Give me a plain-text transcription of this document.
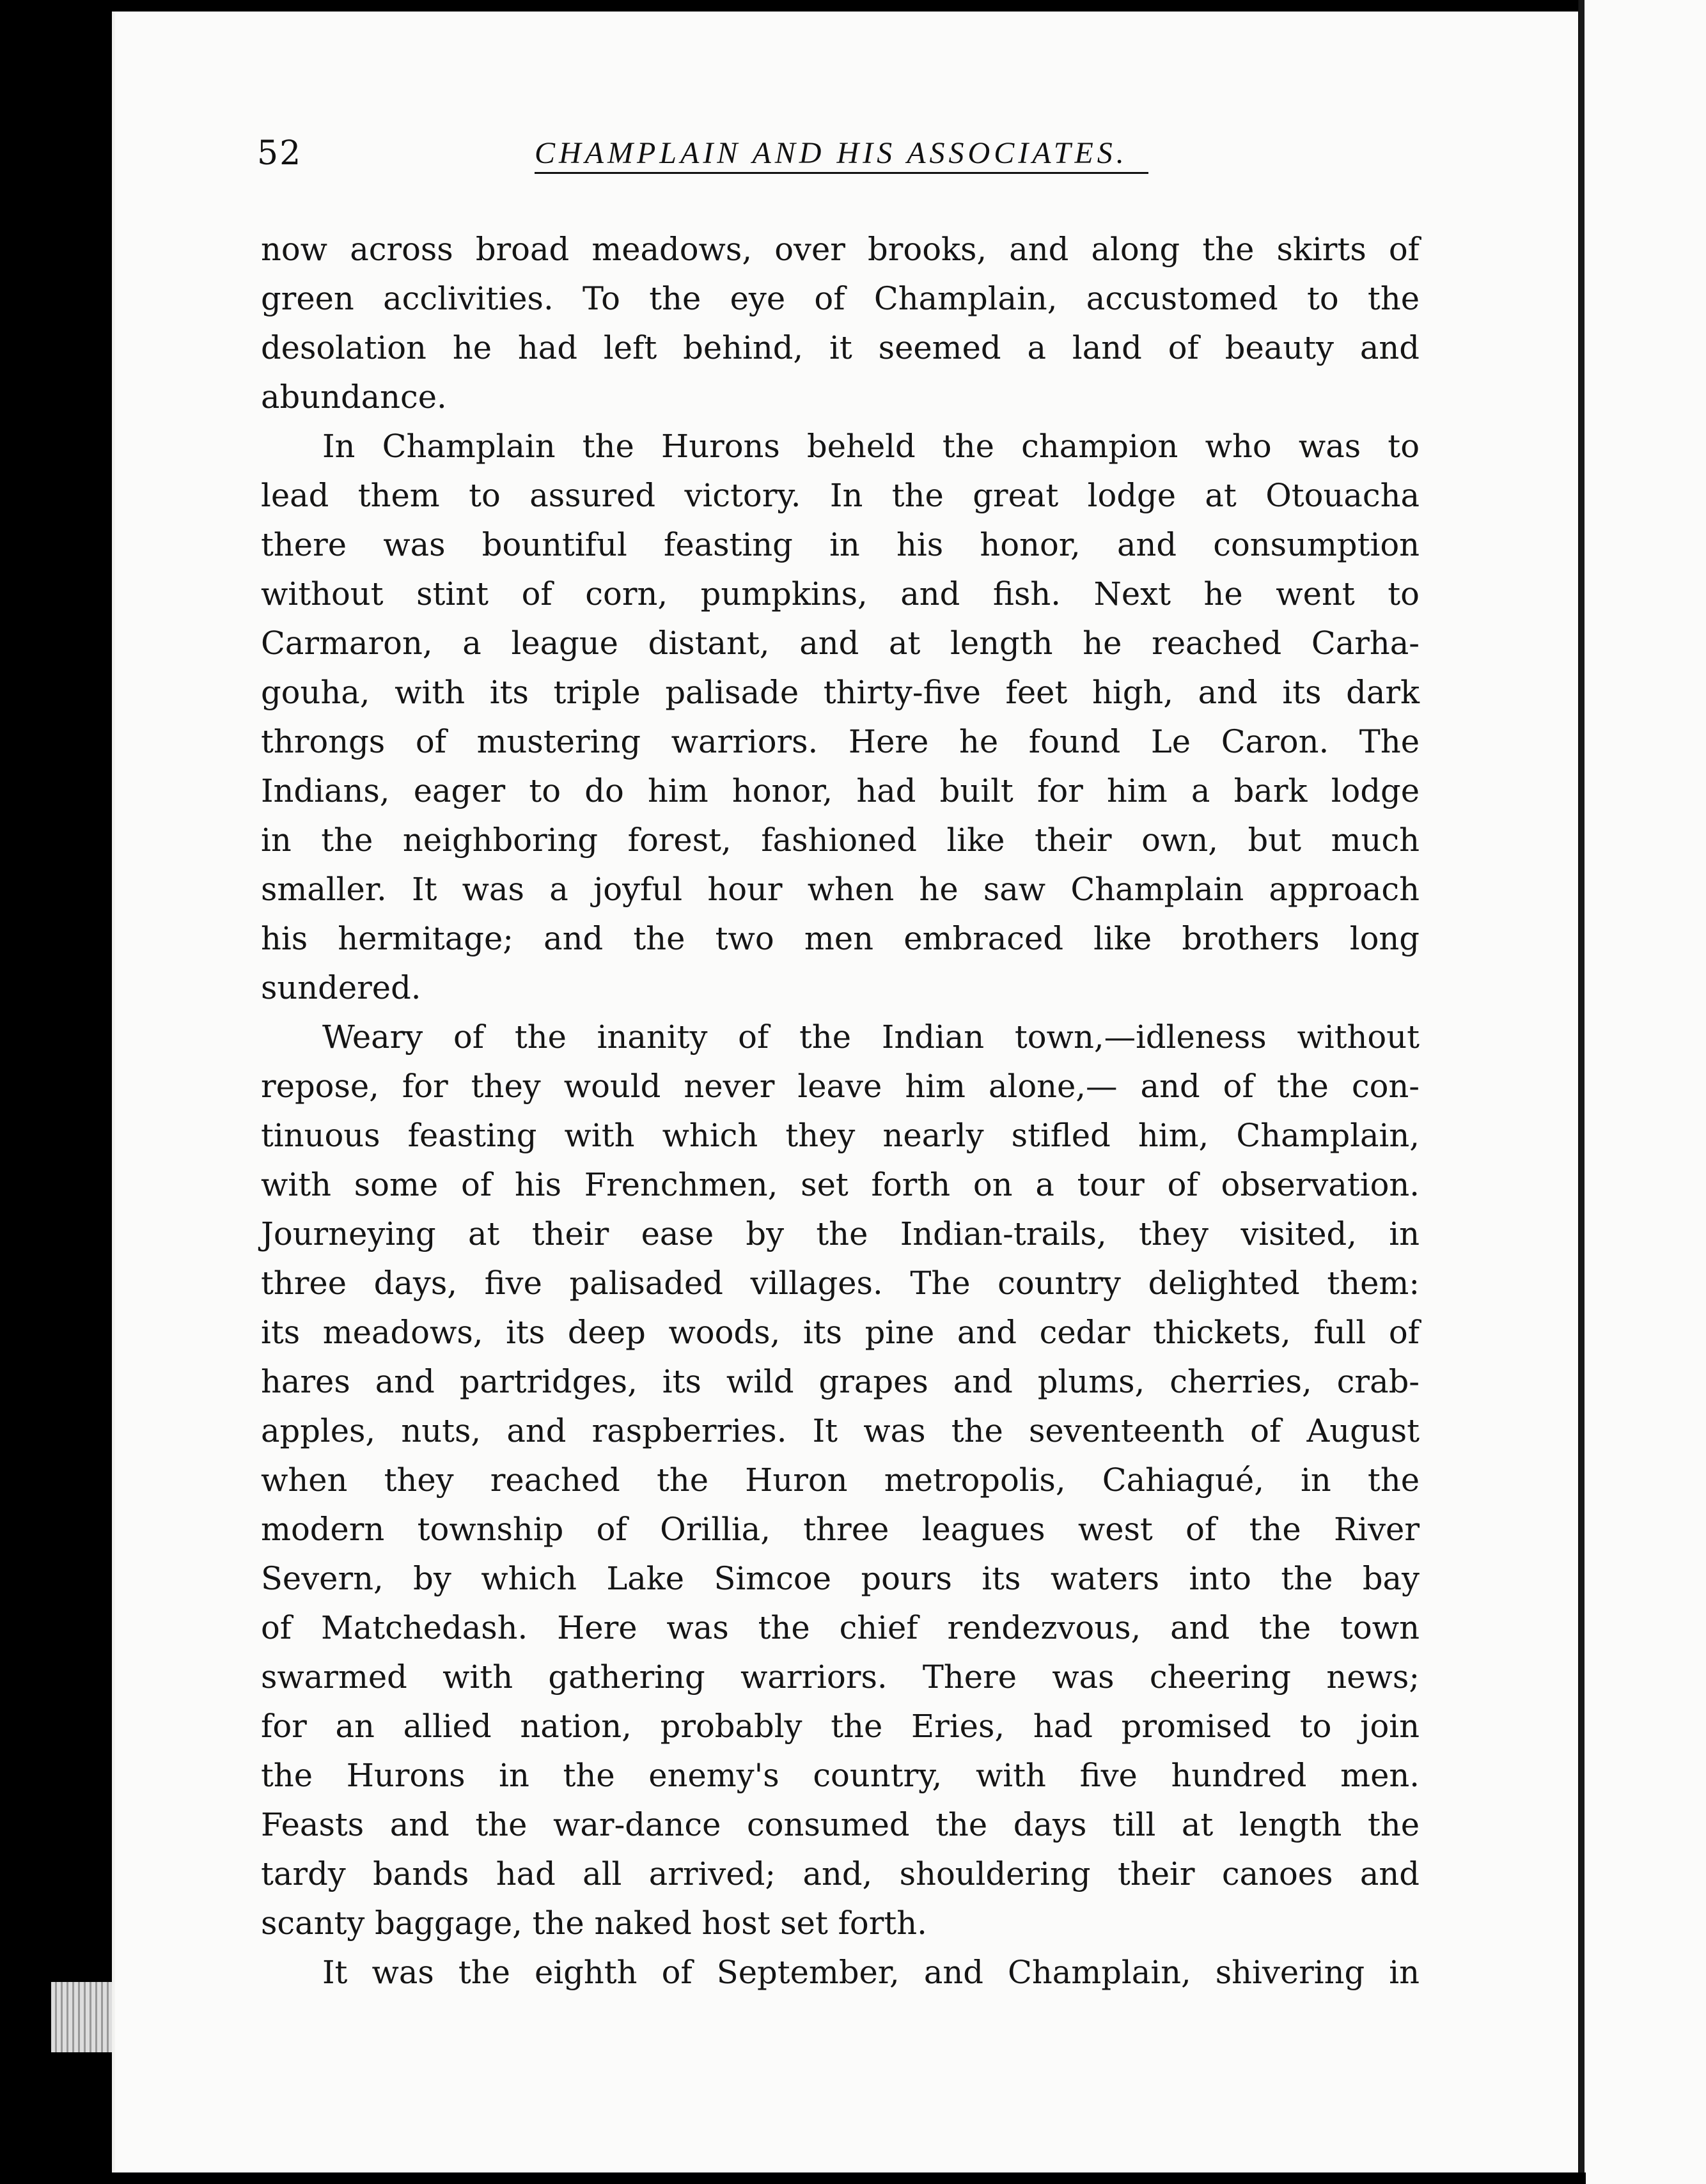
52	CHAMPLAIN AND HIS ASSOCIATES.
now across broad meadows, over brooks, and along the skirts of
green acclivities. To the eye of Champlain, accustomed to the
desolation he had left behind, it seemed a land of beauty and
abundance.
In Champlain the Hurons beheld the champion who was to
lead them to assured victory. In the great lodge at Otouacha
there was bountiful feasting in his honor, and consumption
without stint of corn, pumpkins, and fish. Next he went to
Carmaron, a league distant, and at length he reached Carha-
gouha, with its triple palisade thirty-five feet high, and its dark
throngs of mustering warriors. Here he found Le Caron. The
Indians, eager to do him honor, had built for him a bark lodge
in the neighboring forest, fashioned like their own, but much
smaller. It was a joyful hour when he saw Champlain approach
his hermitage; and the two men embraced like brothers long
sundered.
Weary of the inanity of the Indian town,—idleness without
repose, for they would never leave him alone,— and of the con-
tinuous feasting with which they nearly stifled him, Champlain,
with some of his Frenchmen, set forth on a tour of observation.
Journeying at their ease by the Indian-trails, they visited, in
three days, five palisaded villages. The country delighted them:
its meadows, its deep woods, its pine and cedar thickets, full of
hares and partridges, its wild grapes and plums, cherries, crab-
apples, nuts, and raspberries. It was the seventeenth of August
when they reached the Huron metropolis, Cahiagué, in the
modern township of Orillia, three leagues west of the River
Severn, by which Lake Simcoe pours its waters into the bay
of Matchedash. Here was the chief rendezvous, and the town
swarmed with gathering warriors. There was cheering news;
for an allied nation, probably the Eries, had promised to join
the Hurons in the enemy's country, with five hundred men.
Feasts and the war-dance consumed the days till at length the
tardy bands had all arrived; and, shouldering their canoes and
scanty baggage, the naked host set forth.
It was the eighth of September, and Champlain, shivering in
